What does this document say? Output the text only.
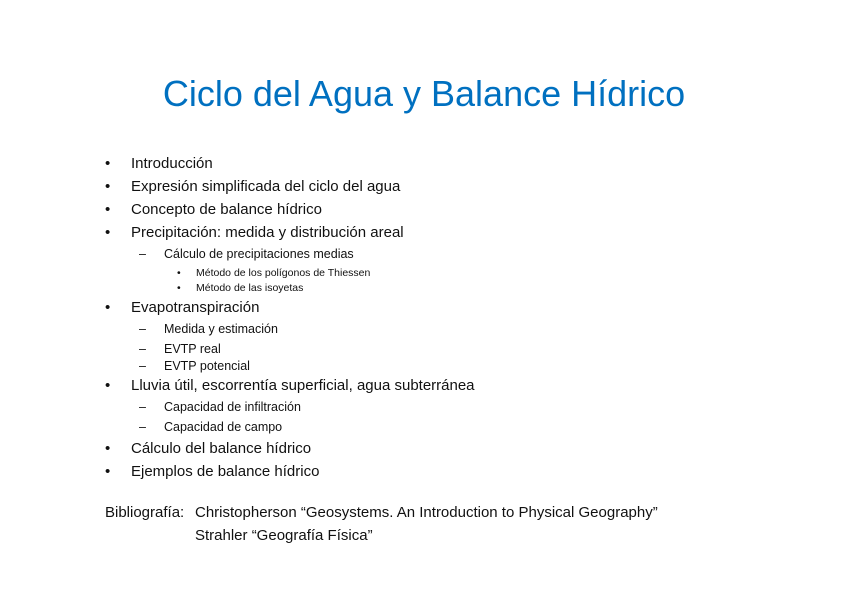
Ciclo del Agua y Balance Hídrico
• Introducción
• Expresión simplificada del ciclo del agua
• Concepto de balance hídrico
• Precipitación: medida y distribución areal
– Cálculo de precipitaciones medias
• Método de los polígonos de Thiessen
• Método de las isoyetas
• Evapotranspiración
– Medida y estimación
– EVTP real
– EVTP potencial
• Lluvia útil, escorrentía superficial, agua subterránea
– Capacidad de infiltración
– Capacidad de campo
• Cálculo del balance hídrico
• Ejemplos de balance hídrico
Bibliografía: Christopherson “Geosystems. An Introduction to Physical Geography”
Strahler “Geografía Física”
